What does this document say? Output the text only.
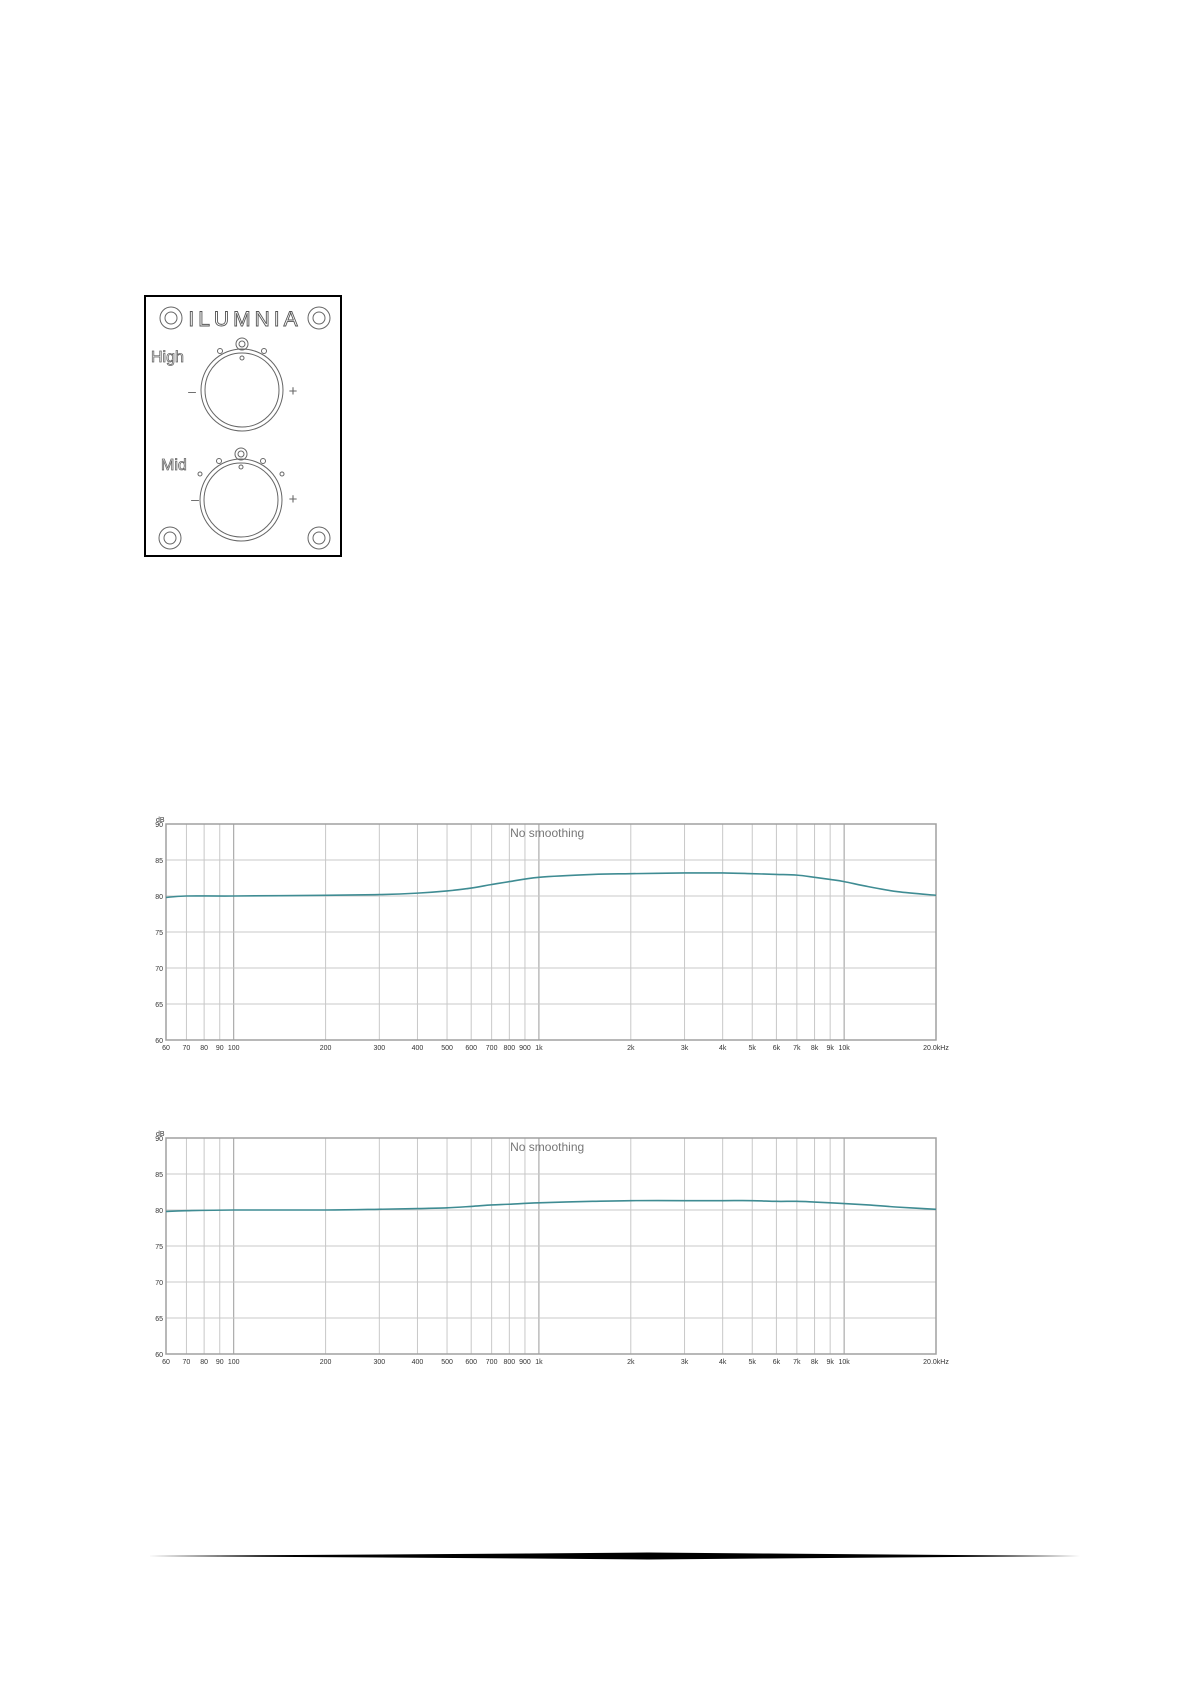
ILUMNIA
High
–	+
Mid
–	+
60
65
70
75
80
85
90
dB
60 70 80 90 100	200	300	400	500 600 700 800 900 1k	2k	3k	4k	5k 6k 7k 8k 9k 10k	20.0kHz
No smoothing
60
65
70
75
80
85
90
dB
60 70 80 90 100	200	300	400	500 600 700 800 900 1k	2k	3k	4k	5k 6k 7k 8k 9k 10k	20.0kHz
No smoothing
